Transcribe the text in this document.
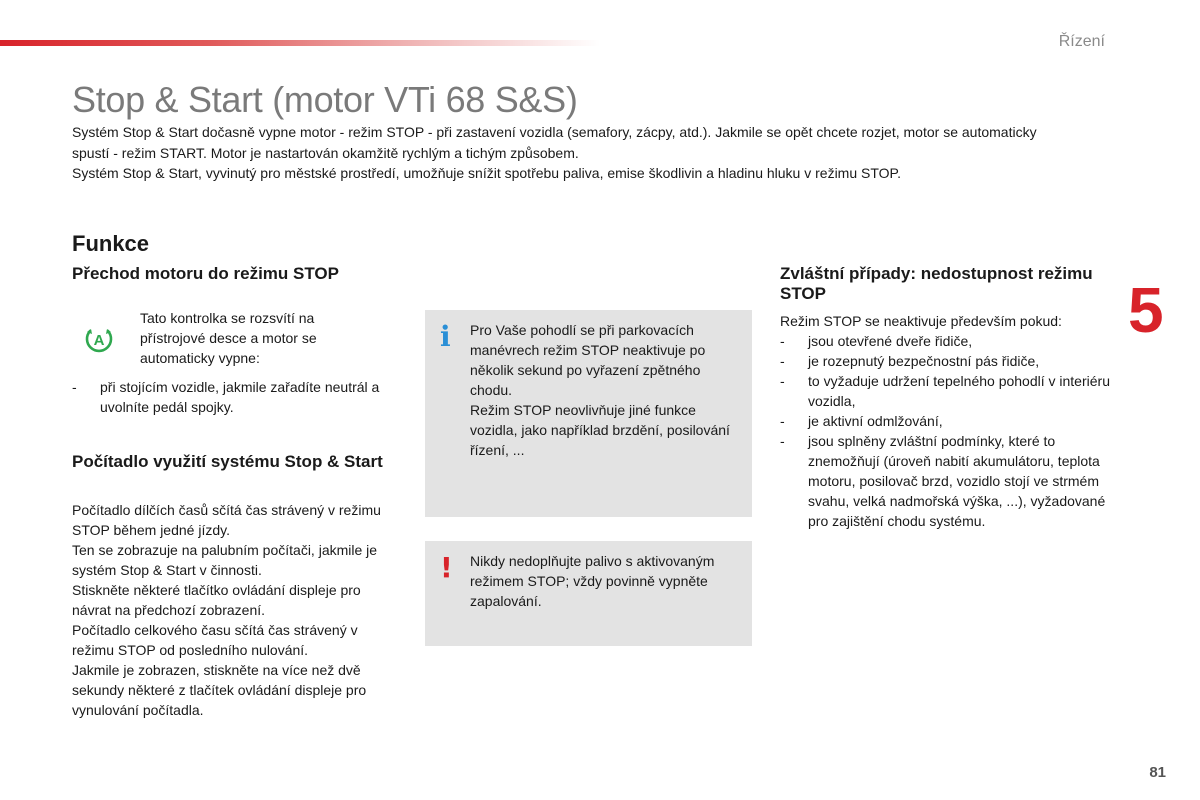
Řízení
5
81
Stop & Start (motor VTi 68 S&S)

Systém Stop & Start dočasně vypne motor - režim STOP - při zastavení vozidla (semafory, zácpy, atd.). Jakmile se opět chcete rozjet, motor se automaticky spustí - režim START. Motor je nastartován okamžitě rychlým a tichým způsobem.

Systém Stop & Start, vyvinutý pro městské prostředí, umožňuje snížit spotřebu paliva, emise škodlivin a hladinu hluku v režimu STOP.

Funkce
Přechod motoru do režimu STOP
A
Tato kontrolka se rozsvítí na přístrojové desce a motor se automaticky vypne:
- při stojícím vozidle, jakmile zařadíte neutrál a uvolníte pedál spojky.
Počítadlo využití systému Stop & Start

Počítadlo dílčích časů sčítá čas strávený v režimu STOP během jedné jízdy.

Ten se zobrazuje na palubním počítači, jakmile je systém Stop & Start v činnosti.

Stiskněte některé tlačítko ovládání displeje pro návrat na předchozí zobrazení.

Počítadlo celkového času sčítá čas strávený v režimu STOP od posledního nulování.

Jakmile je zobrazen, stiskněte na více než dvě sekundy některé z tlačítek ovládání displeje pro vynulování počítadla.

i Pro Vaše pohodlí se při parkovacích manévrech režim STOP neaktivuje po několik sekund po vyřazení zpětného chodu.

Režim STOP neovlivňuje jiné funkce vozidla, jako například brzdění, posilování řízení, ...

! Nikdy nedoplňujte palivo s aktivovaným režimem STOP; vždy povinně vypněte zapalování.

Zvláštní případy: nedostupnost režimu STOP

Režim STOP se neaktivuje především pokud:

- jsou otevřené dveře řidiče,
- je rozepnutý bezpečnostní pás řidiče,
- to vyžaduje udržení tepelného pohodlí v interiéru vozidla,
- je aktivní odmlžování,
- jsou splněny zvláštní podmínky, které to znemožňují (úroveň nabití akumulátoru, teplota motoru, posilovač brzd, vozidlo stojí ve strmém svahu, velká nadmořská výška, ...), vyžadované pro zajištění chodu systému.
